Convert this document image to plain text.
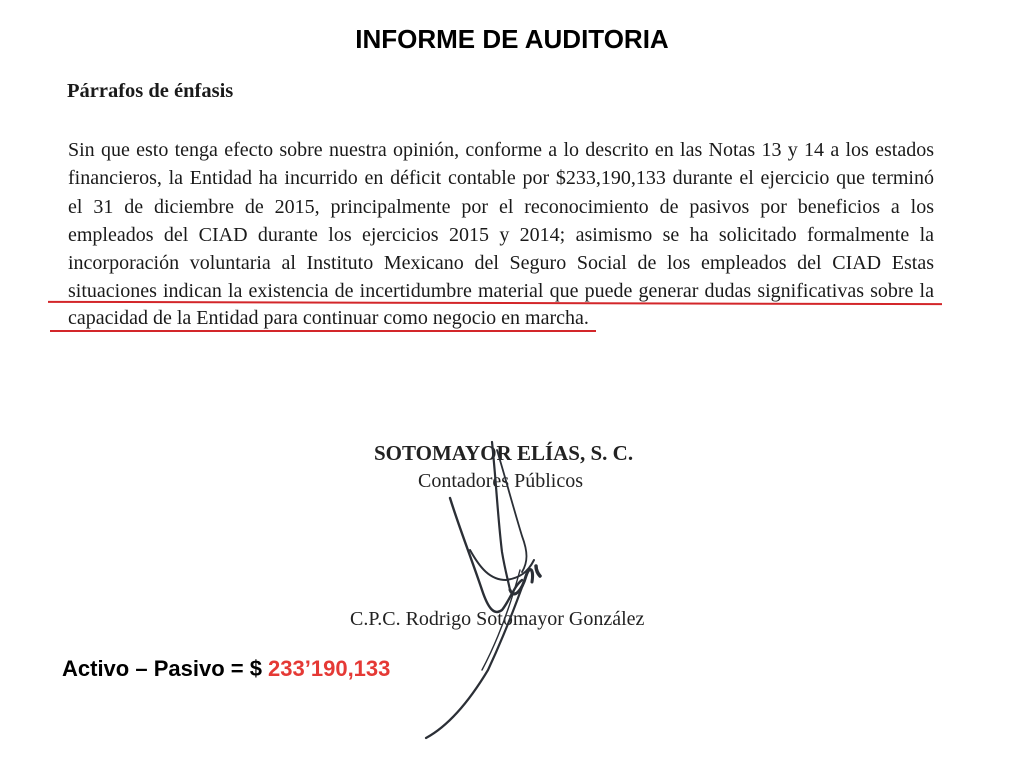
INFORME DE AUDITORIA
Párrafos de énfasis
Sin que esto tenga efecto sobre nuestra opinión, conforme a lo descrito en las Notas 13 y 14 a los estados
financieros, la Entidad ha incurrido en déficit contable por $233,190,133 durante el ejercicio que terminó
el 31 de diciembre de 2015, principalmente por el reconocimiento de pasivos por beneficios a los
empleados del CIAD durante los ejercicios 2015 y 2014; asimismo se ha solicitado formalmente la
incorporación voluntaria al Instituto Mexicano del Seguro Social de los empleados del CIAD Estas
situaciones indican la existencia de incertidumbre material que puede generar dudas significativas sobre la
capacidad de la Entidad para continuar como negocio en marcha.
SOTOMAYOR ELÍAS, S. C.
Contadores Públicos
C.P.C. Rodrigo Sotomayor González
Activo – Pasivo = $ 233’190,133
